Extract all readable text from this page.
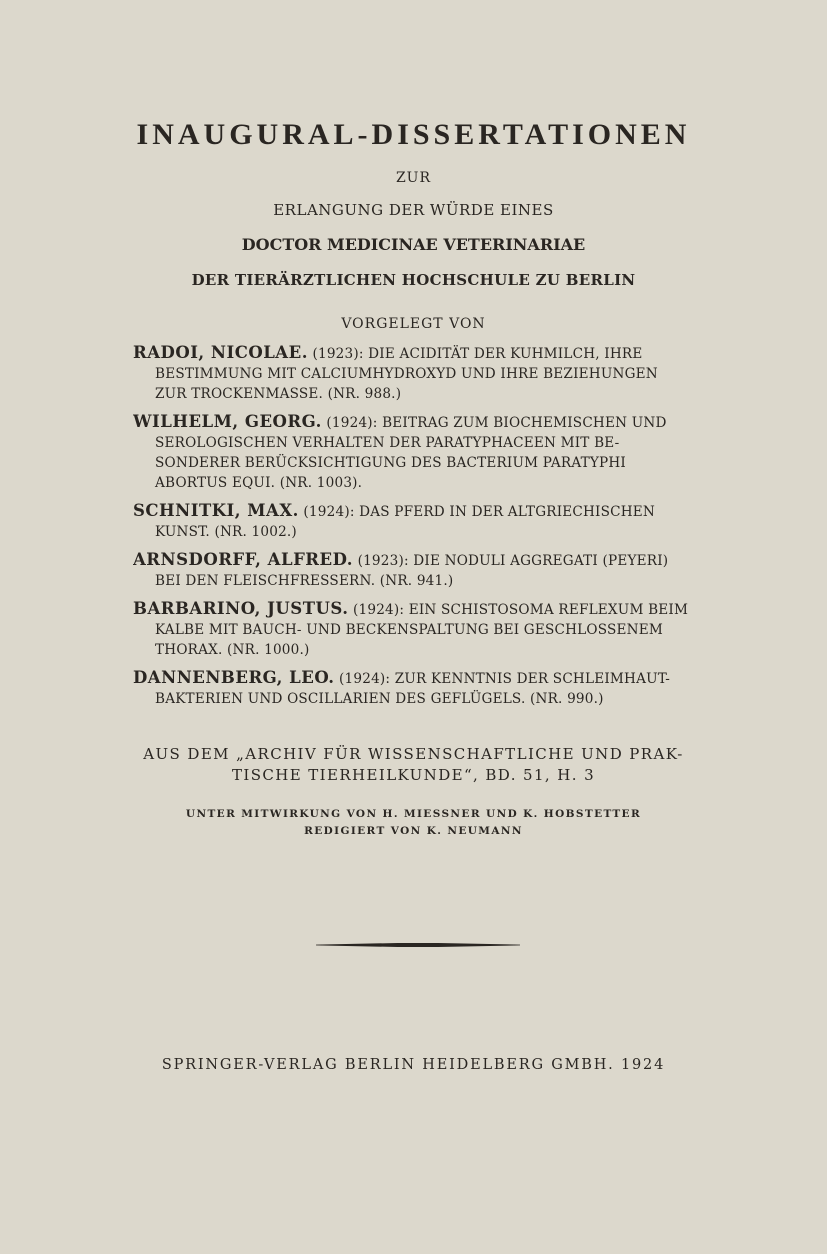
INAUGURAL-DISSERTATIONEN
ZUR
ERLANGUNG DER WÜRDE EINES
DOCTOR MEDICINAE VETERINARIAE
DER TIERÄRZTLICHEN HOCHSCHULE ZU BERLIN
VORGELEGT VON
RADOI, NICOLAE. (1923): DIE ACIDITÄT DER KUHMILCH, IHRE
BESTIMMUNG MIT CALCIUMHYDROXYD UND IHRE BEZIEHUNGEN
ZUR TROCKENMASSE. (NR. 988.)
WILHELM, GEORG. (1924): BEITRAG ZUM BIOCHEMISCHEN UND
SEROLOGISCHEN VERHALTEN DER PARATYPHACEEN MIT BE-
SONDERER BERÜCKSICHTIGUNG DES BACTERIUM PARATYPHI
ABORTUS EQUI. (NR. 1003).
SCHNITKI, MAX. (1924): DAS PFERD IN DER ALTGRIECHISCHEN
KUNST. (NR. 1002.)
ARNSDORFF, ALFRED. (1923): DIE NODULI AGGREGATI (PEYERI)
BEI DEN FLEISCHFRESSERN. (NR. 941.)
BARBARINO, JUSTUS. (1924): EIN SCHISTOSOMA REFLEXUM BEIM
KALBE MIT BAUCH- UND BECKENSPALTUNG BEI GESCHLOSSENEM
THORAX. (NR. 1000.)
DANNENBERG, LEO. (1924): ZUR KENNTNIS DER SCHLEIMHAUT-
BAKTERIEN UND OSCILLARIEN DES GEFLÜGELS. (NR. 990.)
AUS DEM „ARCHIV FÜR WISSENSCHAFTLICHE UND PRAK-
TISCHE TIERHEILKUNDE“, BD. 51, H. 3
UNTER MITWIRKUNG VON H. MIESSNER UND K. HOBSTETTER
REDIGIERT VON K. NEUMANN
SPRINGER-VERLAG BERLIN HEIDELBERG GMBH. 1924
